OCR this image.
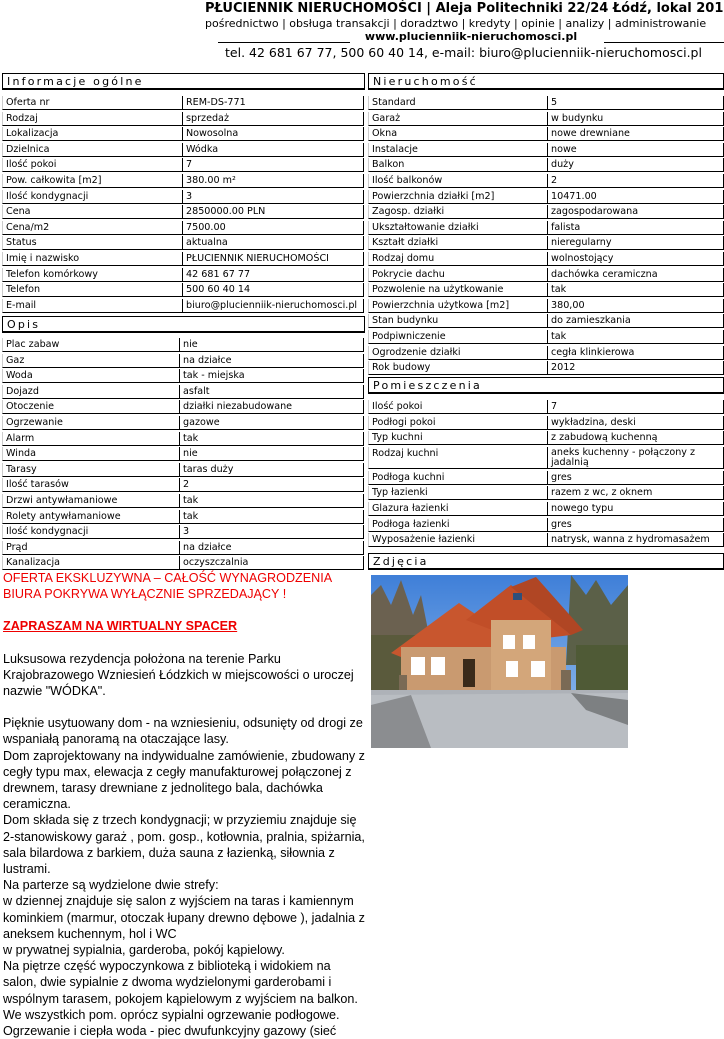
PŁUCIENNIK NIERUCHOMOŚCI | Aleja Politechniki 22/24 Łódź, lokal 201
pośrednictwo | obsługa transakcji | doradztwo | kredyty | opinie | analizy | administrowanie
www.plucienniik-nieruchomosci.pl
tel. 42 681 67 77, 500 60 40 14, e-mail: biuro@plucienniik-nieruchomosci.pl
Informacje ogólne
Oferta nr	REM-DS-771
Rodzaj	sprzedaż
Lokalizacja	Nowosolna
Dzielnica	Wódka
Ilość pokoi	7
Pow. całkowita [m2]	380.00 m²
Ilość kondygnacji	3
Cena	2850000.00 PLN
Cena/m2	7500.00
Status	aktualna
Imię i nazwisko	PŁUCIENNIK NIERUCHOMOŚCI
Telefon komórkowy	42 681 67 77
Telefon	500 60 40 14
E-mail	biuro@plucienniik-nieruchomosci.pl
Opis
Plac zabaw	nie
Gaz	na działce
Woda	tak - miejska
Dojazd	asfalt
Otoczenie	działki niezabudowane
Ogrzewanie	gazowe
Alarm	tak
Winda	nie
Tarasy	taras duży
Ilość tarasów	2
Drzwi antywłamaniowe	tak
Rolety antywłamaniowe	tak
Ilość kondygnacji	3
Prąd	na działce
Kanalizacja	oczyszczalnia
Nieruchomość
Standard	5
Garaż	w budynku
Okna	nowe drewniane
Instalacje	nowe
Balkon	duży
Ilość balkonów	2
Powierzchnia działki [m2]	10471.00
Zagosp. działki	zagospodarowana
Ukształtowanie działki	falista
Kształt działki	nieregularny
Rodzaj domu	wolnostojący
Pokrycie dachu	dachówka ceramiczna
Pozwolenie na użytkowanie	tak
Powierzchnia użytkowa [m2]	380,00
Stan budynku	do zamieszkania
Podpiwniczenie	tak
Ogrodzenie działki	cegła klinkierowa
Rok budowy	2012
Pomieszczenia
Ilość pokoi	7
Podłogi pokoi	wykładzina, deski
Typ kuchni	z zabudową kuchenną
Rodzaj kuchni	aneks kuchenny - połączony z jadalnią
Podłoga kuchni	gres
Typ łazienki	razem z wc, z oknem
Glazura łazienki	nowego typu
Podłoga łazienki	gres
Wyposażenie łazienki	natrysk, wanna z hydromasażem
Zdjęcia

OFERTA EKSKLUZYWNA – CAŁOŚĆ WYNAGRODZENIA BIURA POKRYWA WYŁĄCZNIE SPRZEDAJĄCY !

ZAPRASZAM NA WIRTUALNY SPACER

Luksusowa rezydencja położona na terenie Parku Krajobrazowego Wzniesień Łódzkich w miejscowości o uroczej nazwie "WÓDKA".

Pięknie usytuowany dom - na wzniesieniu, odsunięty od drogi ze wspaniałą panoramą na otaczające lasy.

Dom zaprojektowany na indywidualne zamówienie, zbudowany z cegły typu max, elewacja z cegły manufakturowej połączonej z drewnem, tarasy drewniane z jednolitego bala, dachówka ceramiczna.

Dom składa się z trzech kondygnacji; w przyziemiu znajduje się 2-stanowiskowy garaż , pom. gosp., kotłownia, pralnia, spiżarnia, sala bilardowa z barkiem, duża sauna z łazienką, siłownia z lustrami.

Na parterze są wydzielone dwie strefy:

w dziennej znajduje się salon z wyjściem na taras i kamiennym kominkiem (marmur, otoczak łupany drewno dębowe ), jadalnia z aneksem kuchennym, hol i WC

w prywatnej sypialnia, garderoba, pokój kąpielowy.

Na piętrze część wypoczynkowa z biblioteką i widokiem na salon, dwie sypialnie z dwoma wydzielonymi garderobami i wspólnym tarasem, pokojem kąpielowym z wyjściem na balkon.

We wszystkich pom. oprócz sypialni ogrzewanie podłogowe.

Ogrzewanie i ciepła woda - piec dwufunkcyjny gazowy (sieć
